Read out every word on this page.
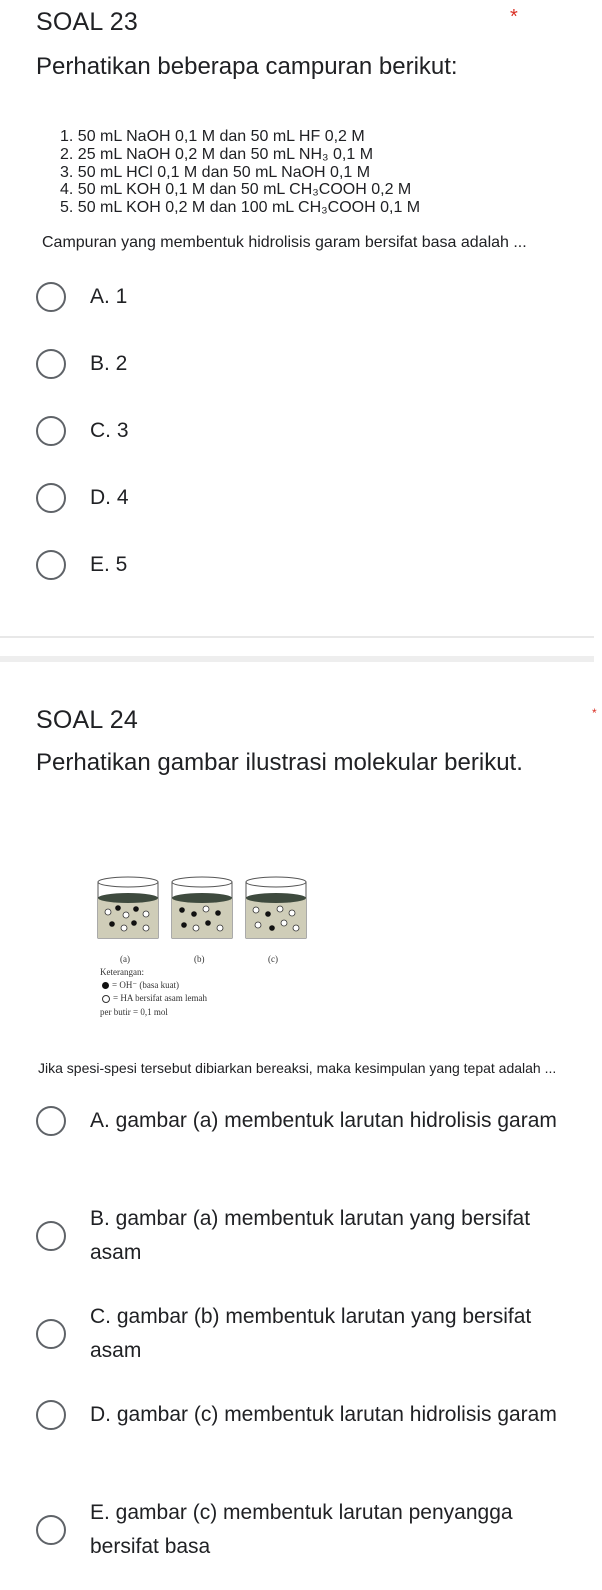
SOAL 23	*
Perhatikan beberapa campuran berikut:
1. 50 mL NaOH 0,1 M dan 50 mL HF 0,2 M
2. 25 mL NaOH 0,2 M dan 50 mL NH₃ 0,1 M
3. 50 mL HCl 0,1 M dan 50 mL NaOH 0,1 M
4. 50 mL KOH 0,1 M dan 50 mL CH₃COOH 0,2 M
5. 50 mL KOH 0,2 M dan 100 mL CH₃COOH 0,1 M
Campuran yang membentuk hidrolisis garam bersifat basa adalah ...
A. 1
B. 2
C. 3
D. 4
E. 5
SOAL 24	*
Perhatikan gambar ilustrasi molekular berikut.
(a)	(b)	(c)
Keterangan:
= OH⁻ (basa kuat)
= HA bersifat asam lemah
per butir = 0,1 mol
Jika spesi-spesi tersebut dibiarkan bereaksi, maka kesimpulan yang tepat adalah ...
A. gambar (a) membentuk larutan hidrolisis garam
B. gambar (a) membentuk larutan yang bersifat asam
C. gambar (b) membentuk larutan yang bersifat asam
D. gambar (c) membentuk larutan hidrolisis garam
E. gambar (c) membentuk larutan penyangga bersifat basa
